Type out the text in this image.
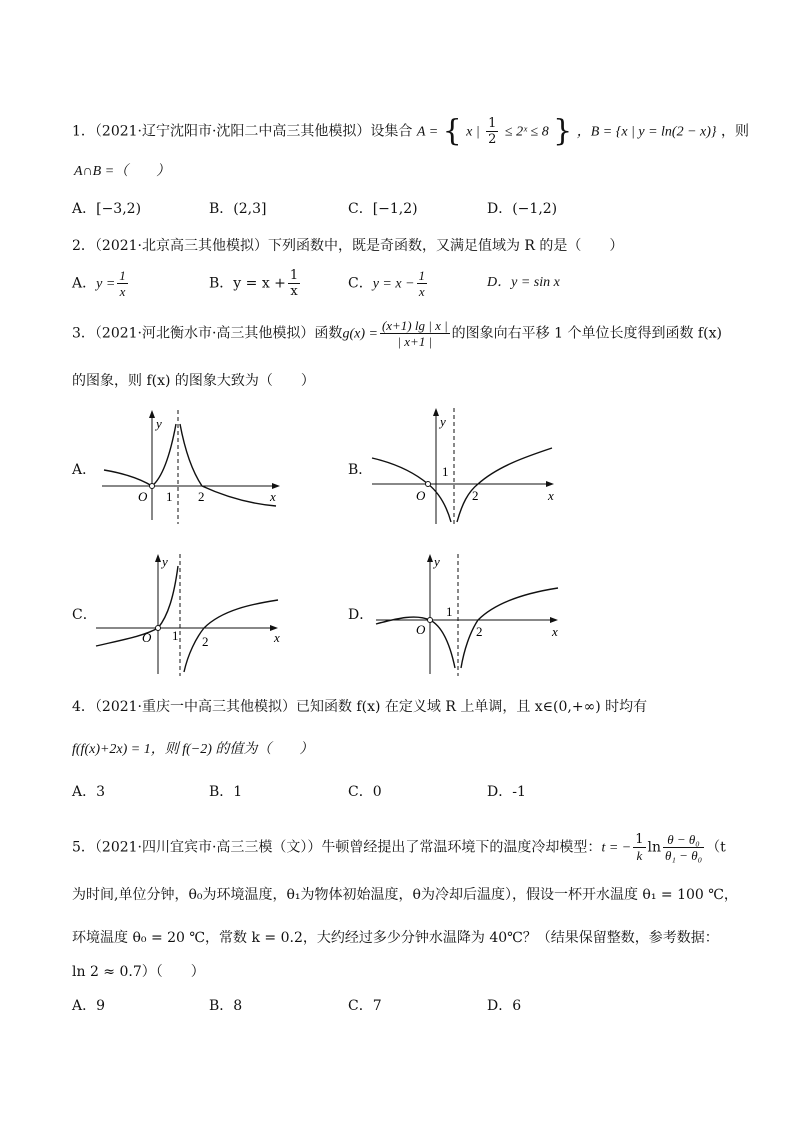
1．（2021·辽宁沈阳市·沈阳二中高三其他模拟）设集合 A = { x | $\frac{1}{2}$ ≤ 2ˣ ≤ 8 } ，B = {x | y = ln(2 − x)} ，则
A∩B =（　　）
A．[−3,2)	B．(2,3]	C．[−1,2)	D．(−1,2)
2．（2021·北京高三其他模拟）下列函数中，既是奇函数，又满足值域为 R 的是（　　）
A．$y = \frac{1}{x}$	B．$y = x + \frac{1}{x}$	C．$y = x - \frac{1}{x}$	D．y = sin x
3．（2021·河北衡水市·高三其他模拟）函数$g(x) = \frac{(x+1) \lg | x |}{| x+1 |}$ 的图象向右平移 1 个单位长度得到函数 f(x)
的图象，则 f(x) 的图象大致为（　　）
A．
O 1 2	x
y
B．
O
1
2	x
y
C．
O 1 2	x
y
D．
O
1
2	x
y
4．（2021·重庆一中高三其他模拟）已知函数 f(x) 在定义域 R 上单调，且 x∈(0,+∞) 时均有
f(f(x)+2x) = 1，则 f(−2) 的值为（　　）
A．3	B．1	C．0	D．-1
5．（2021·四川宜宾市·高三三模（文））牛顿曾经提出了常温环境下的温度冷却模型：t = − $\frac{1}{k}$ $\ln \frac{\text{θ − θ₀}}{\text{θ₁ − θ₀}} (t$
为时间,单位分钟，θ₀为环境温度，θ₁为物体初始温度，θ为冷却后温度），假设一杯开水温度 θ₁ = 100 ℃，
环境温度 θ₀ = 20 ℃，常数 k = 0.2，大约经过多少分钟水温降为 40℃？（结果保留整数，参考数据：
ln 2 ≈ 0.7）（　　）
A．9	B．8	C．7	D．6
